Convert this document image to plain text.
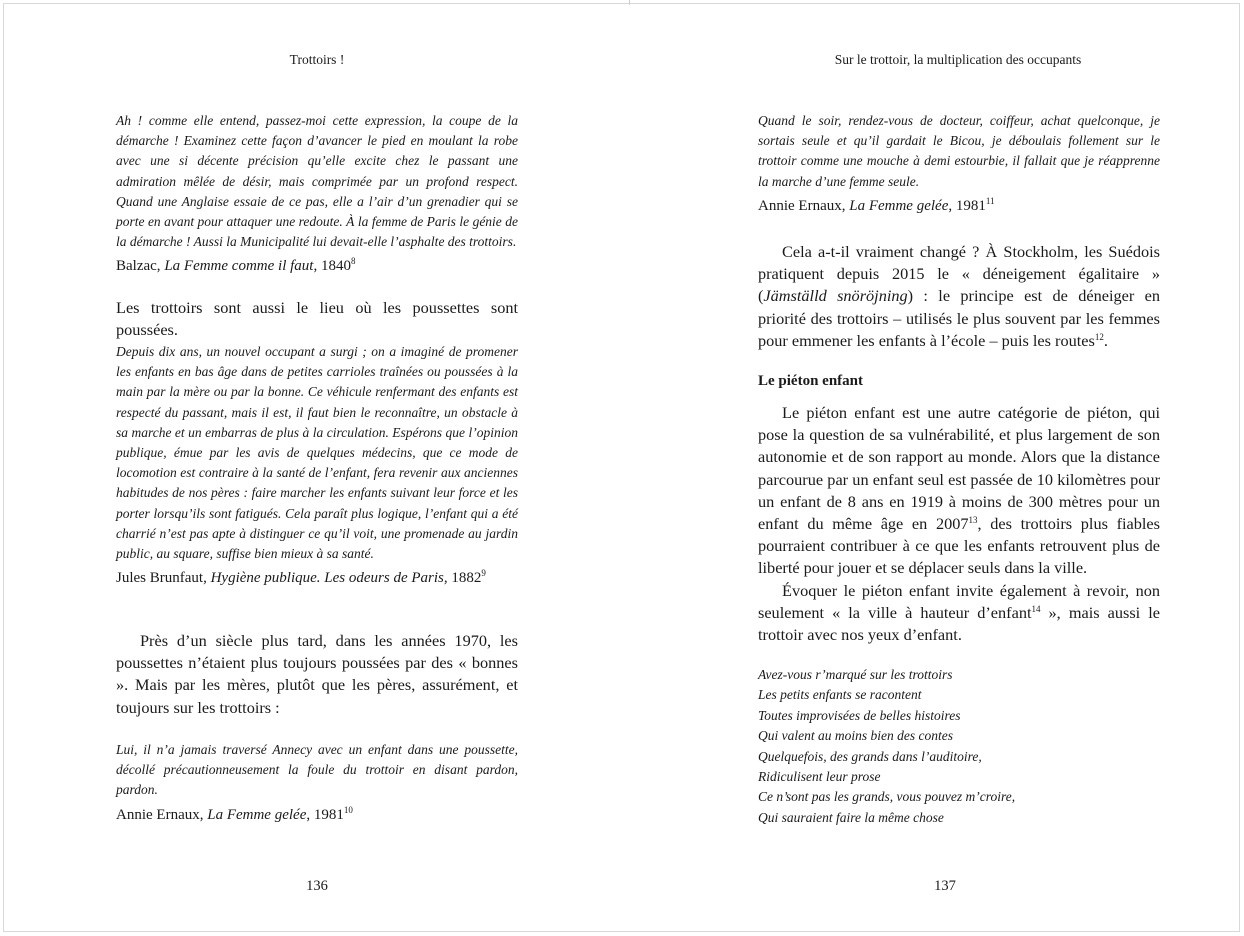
Trottoirs !

Ah ! comme elle entend, passez-moi cette expression, la coupe de la démarche ! Examinez cette façon d’avancer le pied en moulant la robe avec une si décente précision qu’elle excite chez le passant une admiration mêlée de désir, mais comprimée par un profond respect. Quand une Anglaise essaie de ce pas, elle a l’air d’un grenadier qui se porte en avant pour attaquer une redoute. À la femme de Paris le génie de la démarche ! Aussi la Municipalité lui devait-elle l’asphalte des trottoirs.

Balzac, La Femme comme il faut, 1840$^8$

Les trottoirs sont aussi le lieu où les poussettes sont poussées.

Depuis dix ans, un nouvel occupant a surgi ; on a imaginé de promener les enfants en bas âge dans de petites carrioles traînées ou poussées à la main par la mère ou par la bonne. Ce véhicule renfermant des enfants est respecté du passant, mais il est, il faut bien le reconnaître, un obstacle à sa marche et un embarras de plus à la circulation. Espérons que l’opinion publique, émue par les avis de quelques médecins, que ce mode de locomotion est contraire à la santé de l’enfant, fera revenir aux anciennes habitudes de nos pères : faire marcher les enfants suivant leur force et les porter lorsqu’ils sont fatigués. Cela paraît plus logique, l’enfant qui a été charrié n’est pas apte à distinguer ce qu’il voit, une promenade au jardin public, au square, suffise bien mieux à sa santé.

Jules Brunfaut, Hygiène publique. Les odeurs de Paris, 1882$^9$

Près d’un siècle plus tard, dans les années 1970, les poussettes n’étaient plus toujours poussées par des « bonnes ». Mais par les mères, plutôt que les pères, assurément, et toujours sur les trottoirs :

Lui, il n’a jamais traversé Annecy avec un enfant dans une poussette, décollé précautionneusement la foule du trottoir en disant pardon, pardon.

Annie Ernaux, La Femme gelée, 1981$^{10}$

136
Sur le trottoir, la multiplication des occupants

Quand le soir, rendez-vous de docteur, coiffeur, achat quelconque, je sortais seule et qu’il gardait le Bicou, je déboulais follement sur le trottoir comme une mouche à demi estourbie, il fallait que je réapprenne la marche d’une femme seule.

Annie Ernaux, La Femme gelée, 1981$^{11}$

Cela a-t-il vraiment changé ? À Stockholm, les Suédois pratiquent depuis 2015 le « déneigement égalitaire » (Jämställd snöröjning) : le principe est de déneiger en priorité des trottoirs – utilisés le plus souvent par les femmes pour emmener les enfants à l’école – puis les routes$^{12}$.

Le piéton enfant

Le piéton enfant est une autre catégorie de piéton, qui pose la question de sa vulnérabilité, et plus largement de son autonomie et de son rapport au monde. Alors que la distance parcourue par un enfant seul est passée de 10 kilomètres pour un enfant de 8 ans en 1919 à moins de 300 mètres pour un enfant du même âge en 2007$^{13}$, des trottoirs plus fiables pourraient contribuer à ce que les enfants retrouvent plus de liberté pour jouer et se déplacer seuls dans la ville.

Évoquer le piéton enfant invite également à revoir, non seulement « la ville à hauteur d’enfant$^{14}$ », mais aussi le trottoir avec nos yeux d’enfant.

Avez-vous r’marqué sur les trottoirs
Les petits enfants se racontent
Toutes improvisées de belles histoires
Qui valent au moins bien des contes
Quelquefois, des grands dans l’auditoire,
Ridiculisent leur prose
Ce n’sont pas les grands, vous pouvez m’croire,
Qui sauraient faire la même chose
137
